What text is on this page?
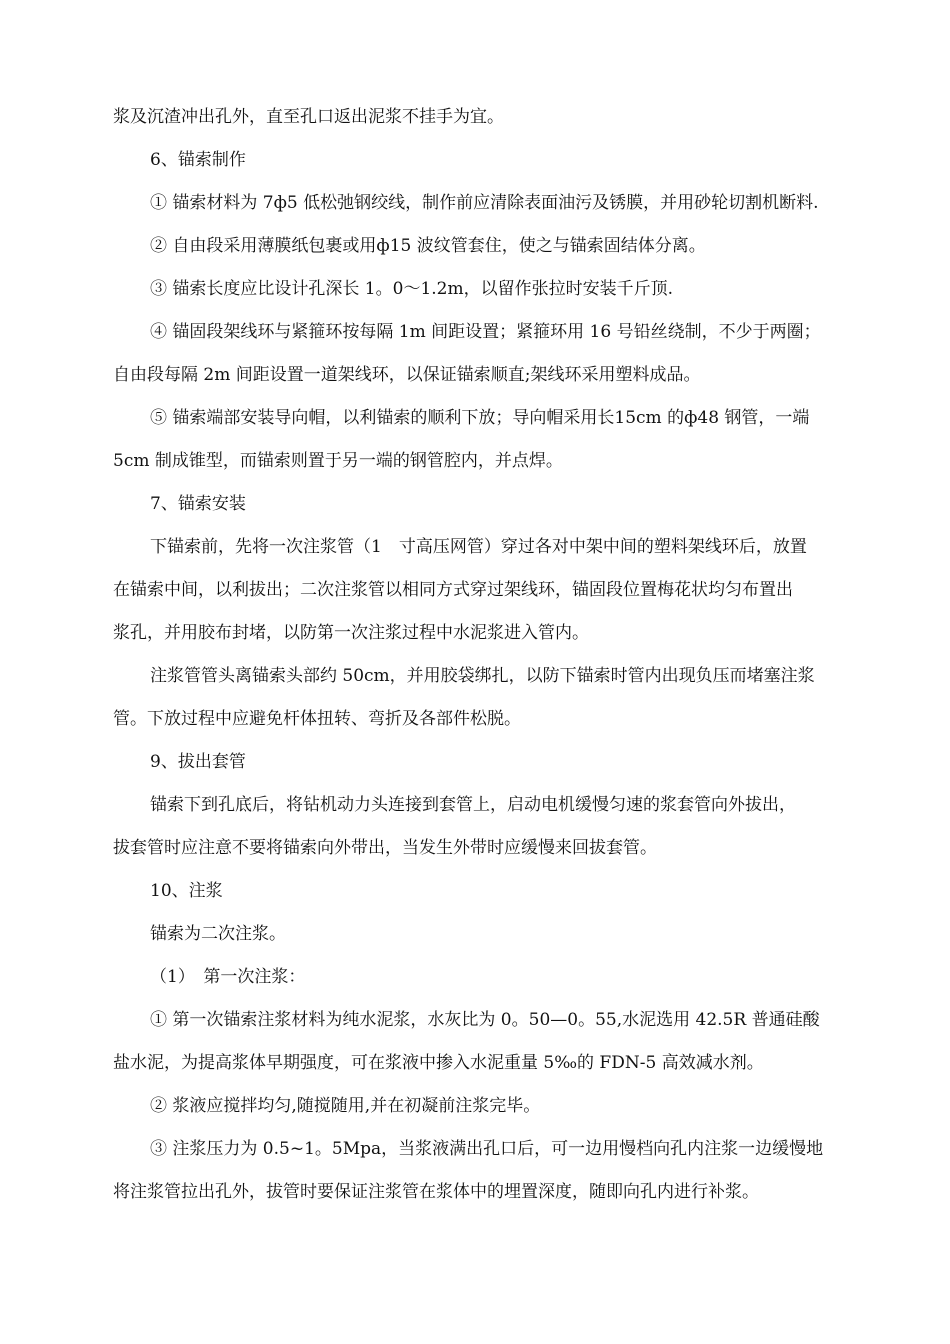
浆及沉渣冲出孔外，直至孔口返出泥浆不挂手为宜。
6、锚索制作
① 锚索材料为 7ф5 低松弛钢绞线，制作前应清除表面油污及锈膜，并用砂轮切割机断料.
② 自由段采用薄膜纸包裹或用ф15 波纹管套住，使之与锚索固结体分离。
③ 锚索长度应比设计孔深长 1。0～1.2m，以留作张拉时安装千斤顶.
④ 锚固段架线环与紧箍环按每隔 1m 间距设置；紧箍环用 16 号铅丝绕制，不少于两圈；
自由段每隔 2m 间距设置一道架线环，以保证锚索顺直;架线环采用塑料成品。
⑤ 锚索端部安装导向帽，以利锚索的顺利下放；导向帽采用长15cm 的ф48 钢管，一端
5cm 制成锥型，而锚索则置于另一端的钢管腔内，并点焊。
7、锚索安装
下锚索前，先将一次注浆管（1　寸高压网管）穿过各对中架中间的塑料架线环后，放置
在锚索中间，以利拔出；二次注浆管以相同方式穿过架线环，锚固段位置梅花状均匀布置出
浆孔，并用胶布封堵，以防第一次注浆过程中水泥浆进入管内。
注浆管管头离锚索头部约 50cm，并用胶袋绑扎，以防下锚索时管内出现负压而堵塞注浆
管。下放过程中应避免杆体扭转、弯折及各部件松脱。
9、拔出套管
锚索下到孔底后，将钻机动力头连接到套管上，启动电机缓慢匀速的浆套管向外拔出，
拔套管时应注意不要将锚索向外带出，当发生外带时应缓慢来回拔套管。
10、注浆
锚索为二次注浆。
（1）　第一次注浆：
① 第一次锚索注浆材料为纯水泥浆，水灰比为 0。50—0。55,水泥选用 42.5R 普通硅酸
盐水泥，为提高浆体早期强度，可在浆液中掺入水泥重量 5‰的 FDN-5 高效减水剂。
② 浆液应搅拌均匀,随搅随用,并在初凝前注浆完毕。
③ 注浆压力为 0.5~1。5Mpa，当浆液满出孔口后，可一边用慢档向孔内注浆一边缓慢地
将注浆管拉出孔外，拔管时要保证注浆管在浆体中的埋置深度，随即向孔内进行补浆。
